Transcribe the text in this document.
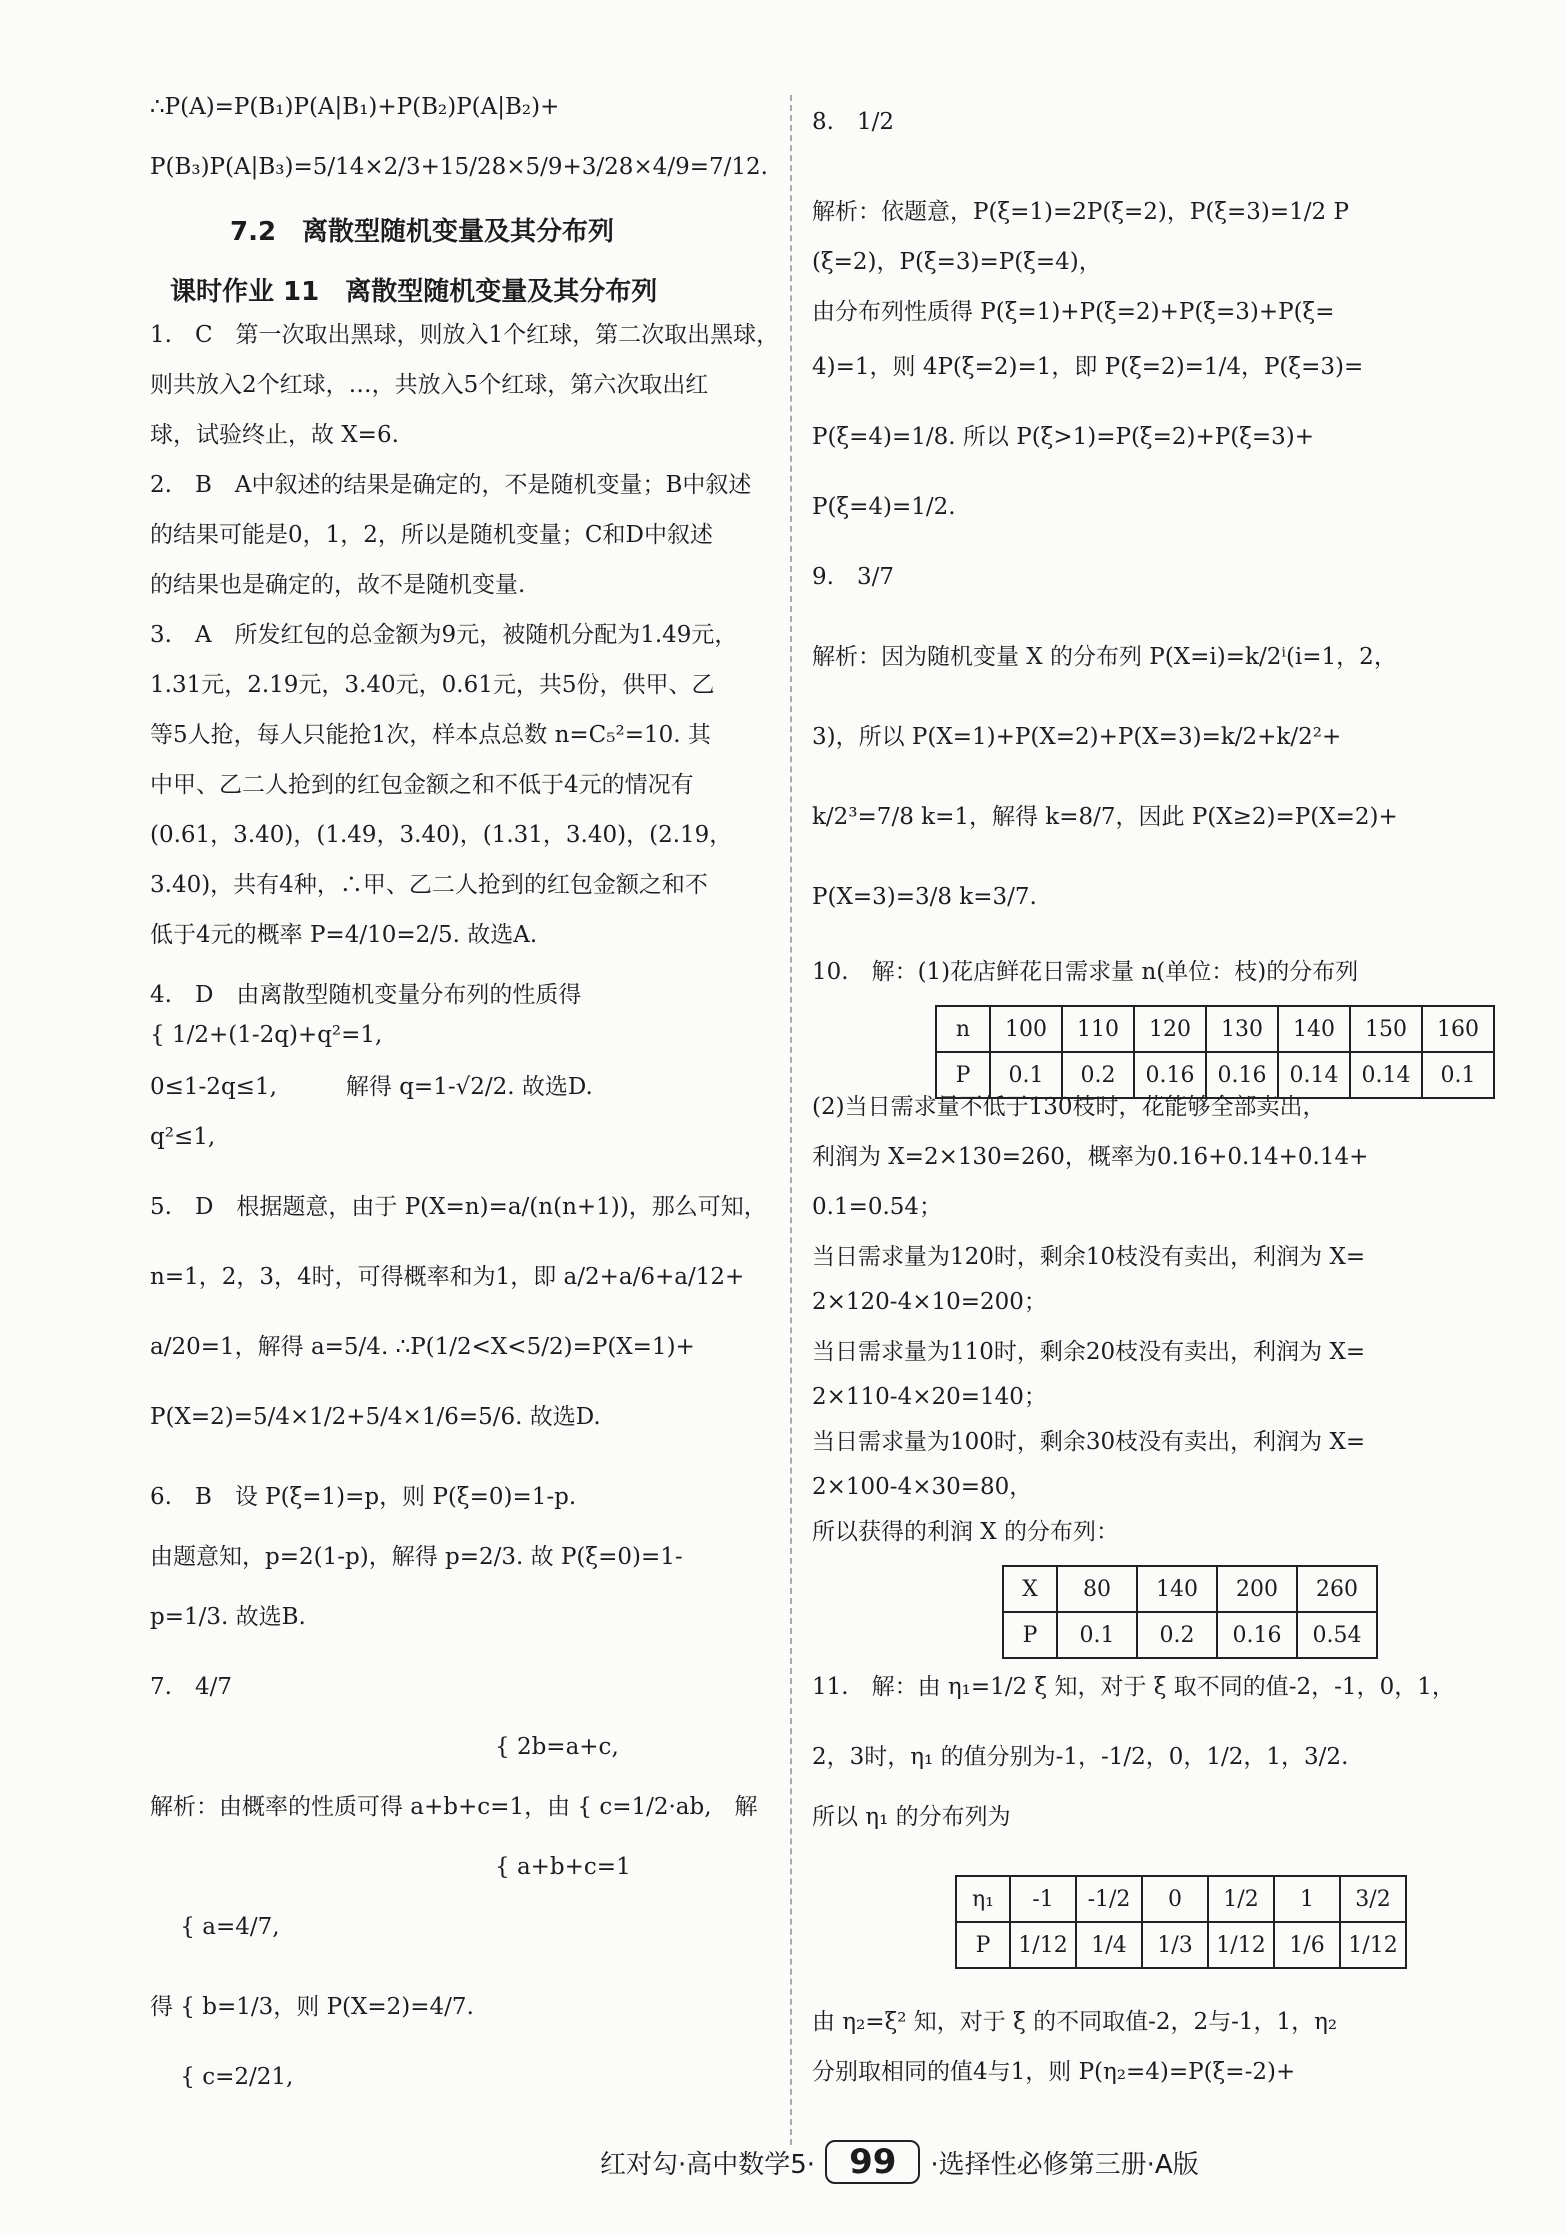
∴P(A)=P(B₁)P(A|B₁)+P(B₂)P(A|B₂)+
P(B₃)P(A|B₃)=5/14×2/3+15/28×5/9+3/28×4/9=7/12.
7.2　离散型随机变量及其分布列
课时作业 11　离散型随机变量及其分布列
1.　C　第一次取出黑球，则放入1个红球，第二次取出黑球，
则共放入2个红球，…，共放入5个红球，第六次取出红
球，试验终止，故 X=6.
2.　B　A中叙述的结果是确定的，不是随机变量；B中叙述
的结果可能是0，1，2，所以是随机变量；C和D中叙述
的结果也是确定的，故不是随机变量.
3.　A　所发红包的总金额为9元，被随机分配为1.49元，
1.31元，2.19元，3.40元，0.61元，共5份，供甲、乙
等5人抢，每人只能抢1次，样本点总数 n=C₅²=10. 其
中甲、乙二人抢到的红包金额之和不低于4元的情况有
(0.61，3.40)，(1.49，3.40)，(1.31，3.40)，(2.19，
3.40)，共有4种，∴甲、乙二人抢到的红包金额之和不
低于4元的概率 P=4/10=2/5. 故选A.
4.　D　由离散型随机变量分布列的性质得
{ 1/2+(1-2q)+q²=1,
0≤1-2q≤1,　　　解得 q=1-√2/2. 故选D.
q²≤1,
5.　D　根据题意，由于 P(X=n)=a/(n(n+1))，那么可知，
n=1，2，3，4时，可得概率和为1，即 a/2+a/6+a/12+
a/20=1，解得 a=5/4. ∴P(1/2<X<5/2)=P(X=1)+
P(X=2)=5/4×1/2+5/4×1/6=5/6. 故选D.
6.　B　设 P(ξ=1)=p，则 P(ξ=0)=1-p.
由题意知，p=2(1-p)，解得 p=2/3. 故 P(ξ=0)=1-
p=1/3. 故选B.
7.　4/7
　　　　　　　　　　　　　　　{ 2b=a+c,
解析：由概率的性质可得 a+b+c=1，由 { c=1/2·ab,　解
　　　　　　　　　　　　　　　{ a+b+c=1
　 { a=4/7,
得 { b=1/3，则 P(X=2)=4/7.
　 { c=2/21,
8.　1/2
解析：依题意，P(ξ=1)=2P(ξ=2)，P(ξ=3)=1/2 P
(ξ=2)，P(ξ=3)=P(ξ=4)，
由分布列性质得 P(ξ=1)+P(ξ=2)+P(ξ=3)+P(ξ=
4)=1，则 4P(ξ=2)=1，即 P(ξ=2)=1/4，P(ξ=3)=
P(ξ=4)=1/8. 所以 P(ξ>1)=P(ξ=2)+P(ξ=3)+
P(ξ=4)=1/2.
9.　3/7
解析：因为随机变量 X 的分布列 P(X=i)=k/2ⁱ(i=1，2，
3)，所以 P(X=1)+P(X=2)+P(X=3)=k/2+k/2²+
k/2³=7/8 k=1，解得 k=8/7，因此 P(X≥2)=P(X=2)+
P(X=3)=3/8 k=3/7.
10.　解：(1)花店鲜花日需求量 n(单位：枝)的分布列
(2)当日需求量不低于130枝时，花能够全部卖出，
利润为 X=2×130=260，概率为0.16+0.14+0.14+
0.1=0.54；
当日需求量为120时，剩余10枝没有卖出，利润为 X=
2×120-4×10=200；
当日需求量为110时，剩余20枝没有卖出，利润为 X=
2×110-4×20=140；
当日需求量为100时，剩余30枝没有卖出，利润为 X=
2×100-4×30=80，
所以获得的利润 X 的分布列：
11.　解：由 η₁=1/2 ξ 知，对于 ξ 取不同的值-2，-1，0，1，
2，3时，η₁ 的值分别为-1，-1/2，0，1/2，1，3/2.
所以 η₁ 的分布列为
由 η₂=ξ² 知，对于 ξ 的不同取值-2，2与-1，1，η₂
分别取相同的值4与1，则 P(η₂=4)=P(ξ=-2)+
n	100	110	120	130	140	150	160
P	0.1	0.2	0.16	0.16	0.14	0.14	0.1
X	80	140	200	260
P	0.1	0.2	0.16	0.54
η₁	-1	-1/2	0	1/2	1	3/2
P	1/12	1/4	1/3	1/12	1/6	1/12
红对勾·高中数学5· 99 ·选择性必修第三册·A版
